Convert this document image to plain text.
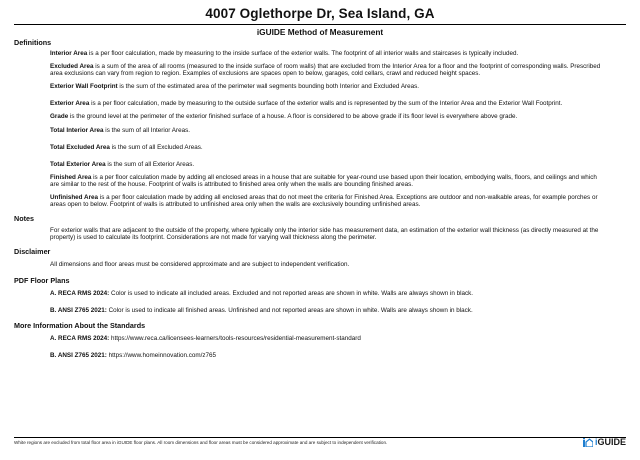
4007 Oglethorpe Dr, Sea Island, GA
iGUIDE Method of Measurement
Definitions

Interior Area is a per floor calculation, made by measuring to the inside surface of the exterior walls. The footprint of all interior walls and staircases is typically included.

Excluded Area is a sum of the area of all rooms (measured to the inside surface of room walls) that are excluded from the Interior Area for a floor and the footprint of corresponding walls. Prescribed area exclusions can vary from region to region. Examples of exclusions are spaces open to below, garages, cold cellars, crawl and reduced height spaces.

Exterior Wall Footprint is the sum of the estimated area of the perimeter wall segments bounding both Interior and Excluded Areas.

Exterior Area is a per floor calculation, made by measuring to the outside surface of the exterior walls and is represented by the sum of the Interior Area and the Exterior Wall Footprint.

Grade is the ground level at the perimeter of the exterior finished surface of a house. A floor is considered to be above grade if its floor level is everywhere above grade.

Total Interior Area is the sum of all Interior Areas.

Total Excluded Area is the sum of all Excluded Areas.

Total Exterior Area is the sum of all Exterior Areas.

Finished Area is a per floor calculation made by adding all enclosed areas in a house that are suitable for year-round use based upon their location, embodying walls, floors, and ceilings and which are similar to the rest of the house. Footprint of walls is attributed to finished area only when the walls are bounding finished areas.

Unfinished Area is a per floor calculation made by adding all enclosed areas that do not meet the criteria for Finished Area. Exceptions are outdoor and non-walkable areas, for example porches or areas open to below. Footprint of walls is attributed to unfinished area only when the walls are exclusively bounding unfinished areas.

Notes

For exterior walls that are adjacent to the outside of the property, where typically only the interior side has measurement data, an estimation of the exterior wall thickness (as directly measured at the property) is used to calculate its footprint. Considerations are not made for varying wall thickness along the perimeter.

Disclaimer

All dimensions and floor areas must be considered approximate and are subject to independent verification.

PDF Floor Plans

A. RECA RMS 2024: Color is used to indicate all included areas. Excluded and not reported areas are shown in white. Walls are always shown in black.

B. ANSI Z765 2021: Color is used to indicate all finished areas. Unfinished and not reported areas are shown in white. Walls are always shown in black.

More Information About the Standards

A. RECA RMS 2024: https://www.reca.ca/licensees-learners/tools-resources/residential-measurement-standard

B. ANSI Z765 2021: https://www.homeinnovation.com/z765

White regions are excluded from total floor area in iGUIDE floor plans. All room dimensions and floor areas must be considered approximate and are subject to independent verification.	iGUIDE
